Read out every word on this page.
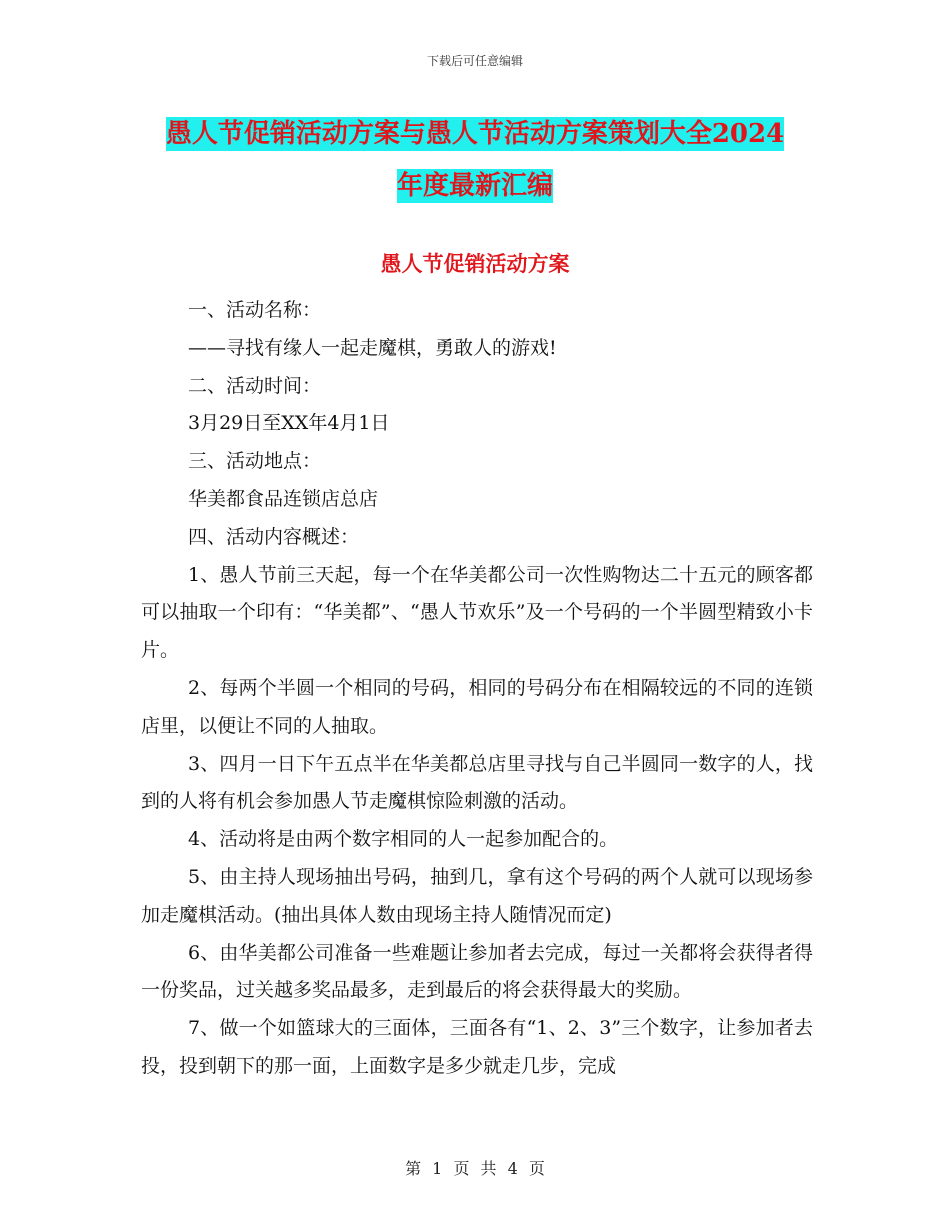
下载后可任意编辑
愚人节促销活动方案与愚人节活动方案策划大全2024
年度最新汇编
愚人节促销活动方案

一、活动名称：

——寻找有缘人一起走魔棋，勇敢人的游戏!

二、活动时间：

3月29日至XX年4月1日

三、活动地点：

华美都食品连锁店总店

四、活动内容概述：

1、愚人节前三天起，每一个在华美都公司一次性购物达二十五元的顾客都可以抽取一个印有：“华美都”、“愚人节欢乐”及一个号码的一个半圆型精致小卡片。

2、每两个半圆一个相同的号码，相同的号码分布在相隔较远的不同的连锁店里，以便让不同的人抽取。

3、四月一日下午五点半在华美都总店里寻找与自己半圆同一数字的人，找到的人将有机会参加愚人节走魔棋惊险刺激的活动。

4、活动将是由两个数字相同的人一起参加配合的。

5、由主持人现场抽出号码，抽到几，拿有这个号码的两个人就可以现场参加走魔棋活动。(抽出具体人数由现场主持人随情况而定)

6、由华美都公司准备一些难题让参加者去完成，每过一关都将会获得者得一份奖品，过关越多奖品最多，走到最后的将会获得最大的奖励。

7、做一个如篮球大的三面体，三面各有“1、2、3”三个数字，让参加者去投，投到朝下的那一面，上面数字是多少就走几步，完成

第 1 页 共 4 页
